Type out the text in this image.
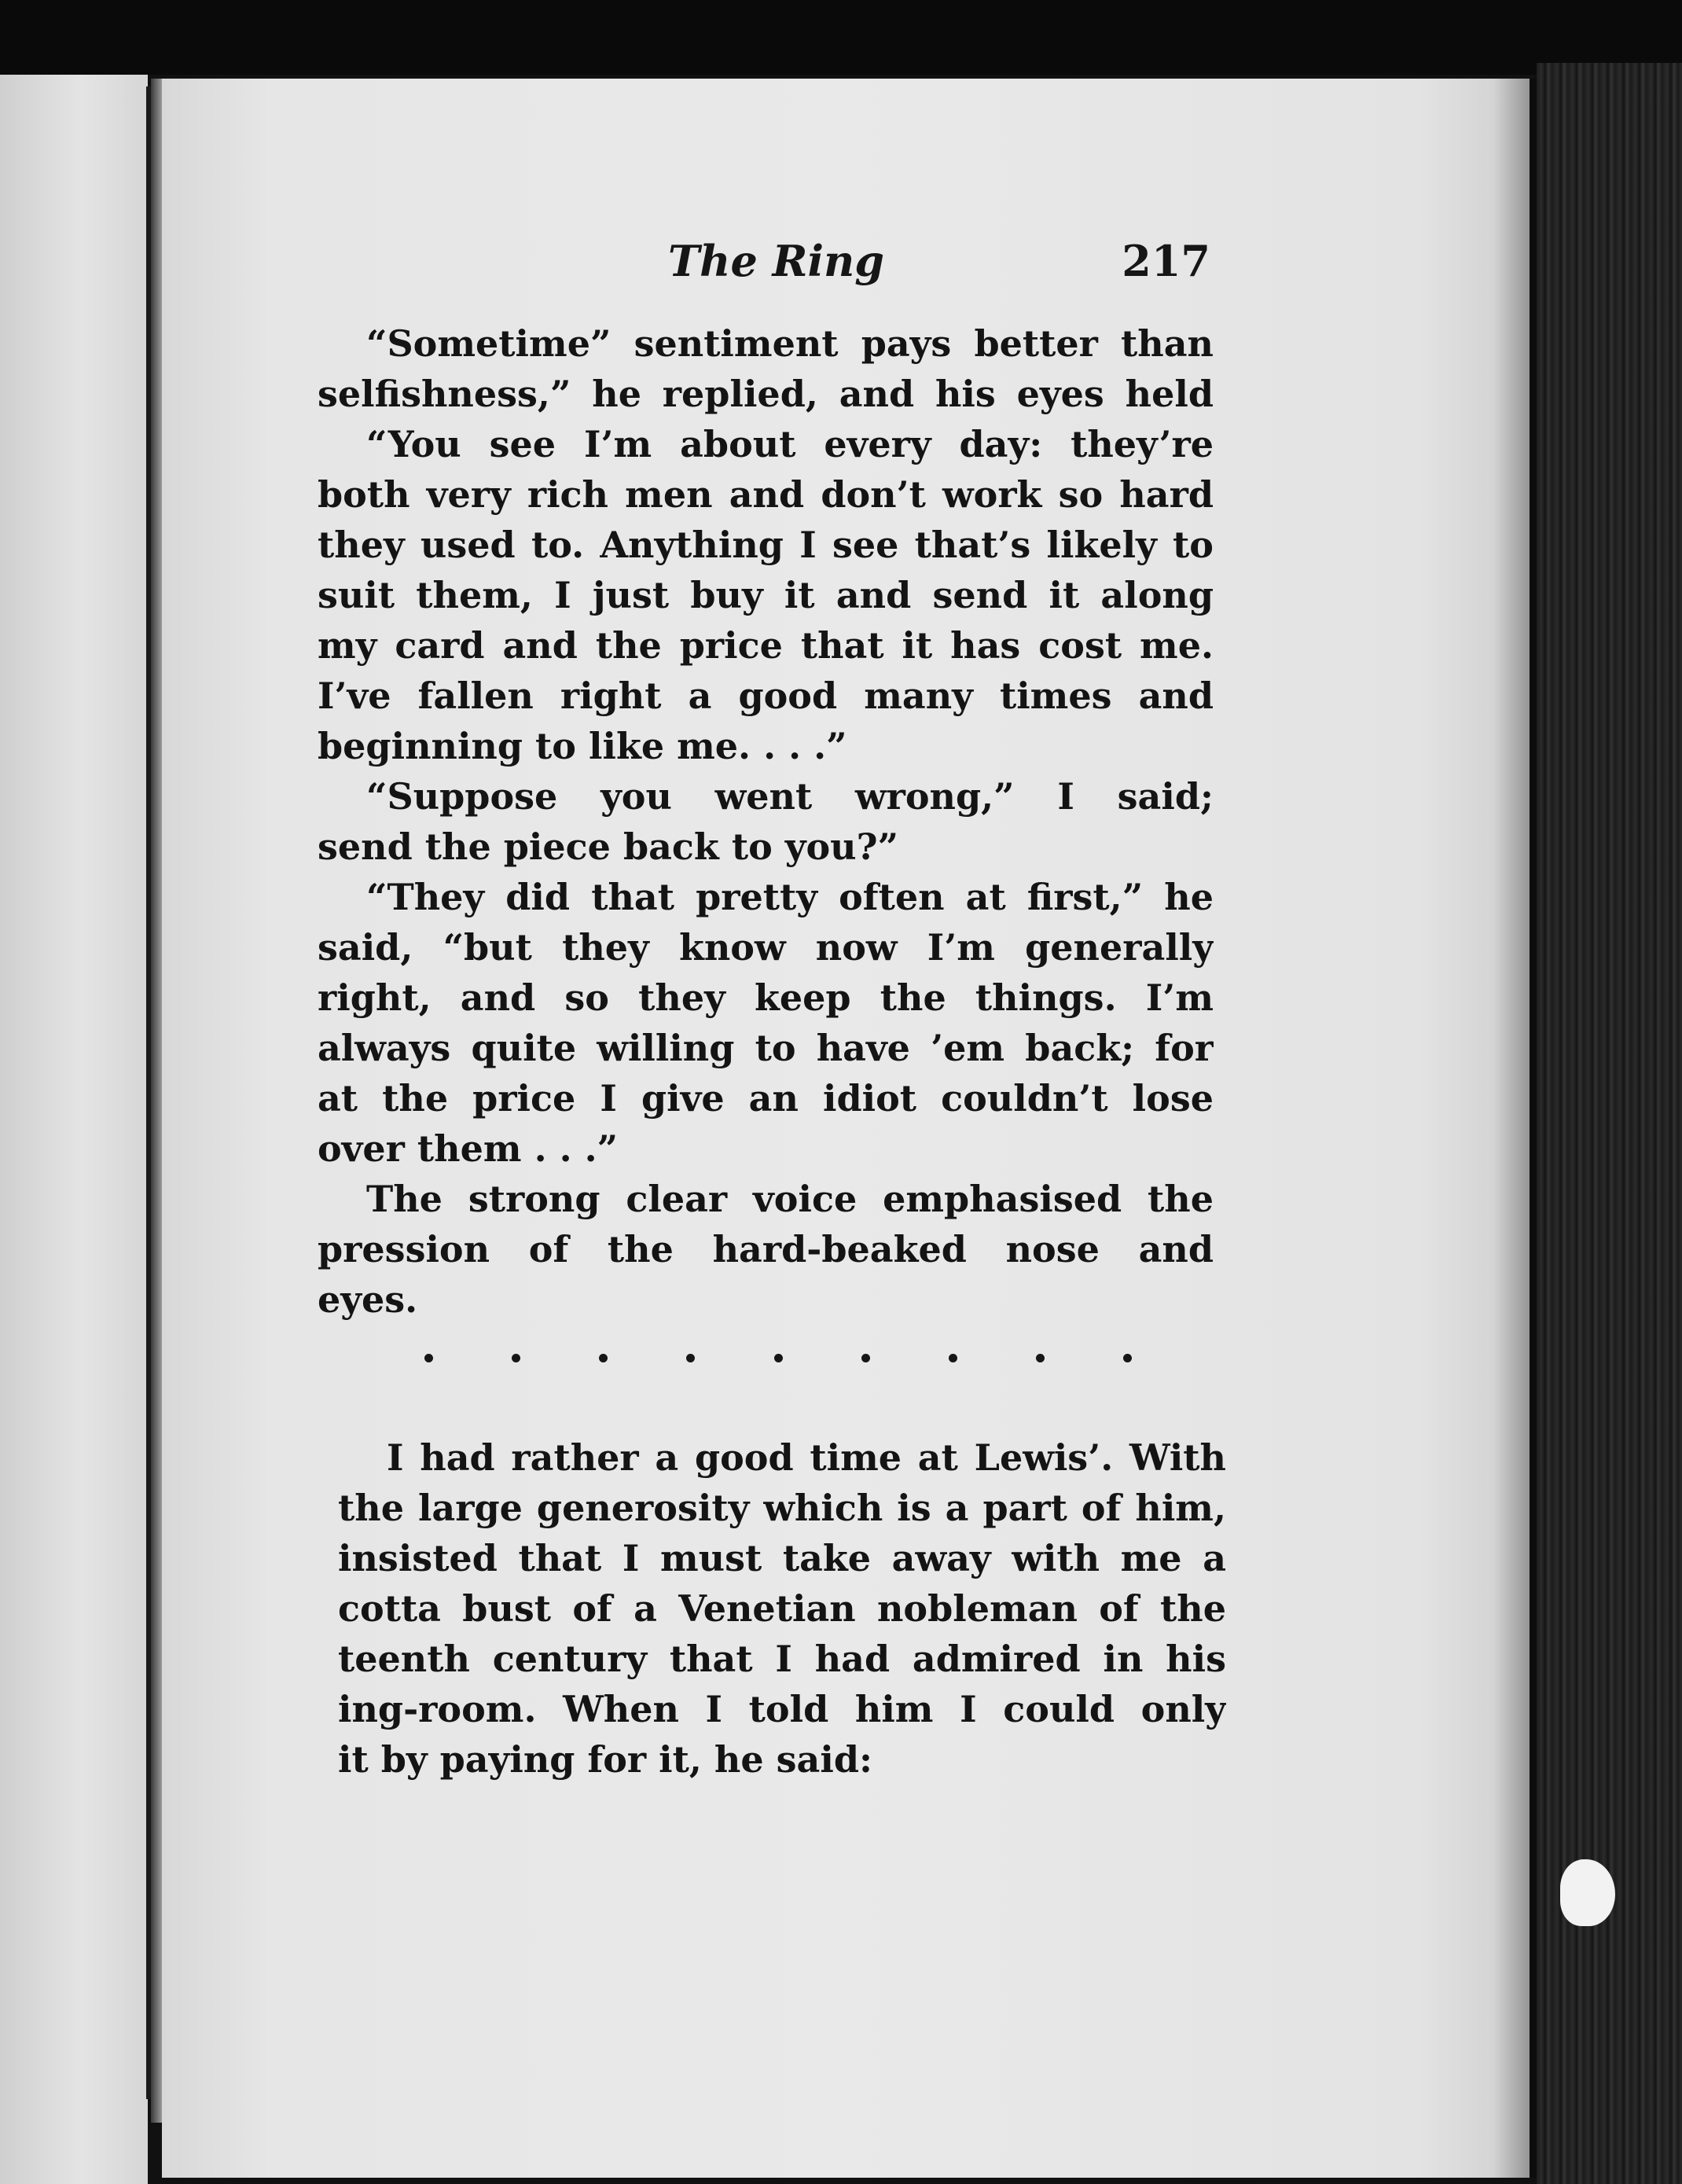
The Ring	217
“Sometime” sentiment pays better than
selfishness,” he replied, and his eyes held
“You see I’m about every day: they’re
both very rich men and don’t work so hard
they used to. Anything I see that’s likely to
suit them, I just buy it and send it along
my card and the price that it has cost me.
I’ve fallen right a good many times and
beginning to like me. . . .”
“Suppose you went wrong,” I said;
send the piece back to you?”
“They did that pretty often at first,” he
said, “but they know now I’m generally
right, and so they keep the things. I’m
always quite willing to have ’em back; for
at the price I give an idiot couldn’t lose
over them . . .”
The strong clear voice emphasised the
pression of the hard-beaked nose and
eyes.
I had rather a good time at Lewis’. With
the large generosity which is a part of him,
insisted that I must take away with me a
cotta bust of a Venetian nobleman of the
teenth century that I had admired in his
ing-room. When I told him I could only
it by paying for it, he said:
